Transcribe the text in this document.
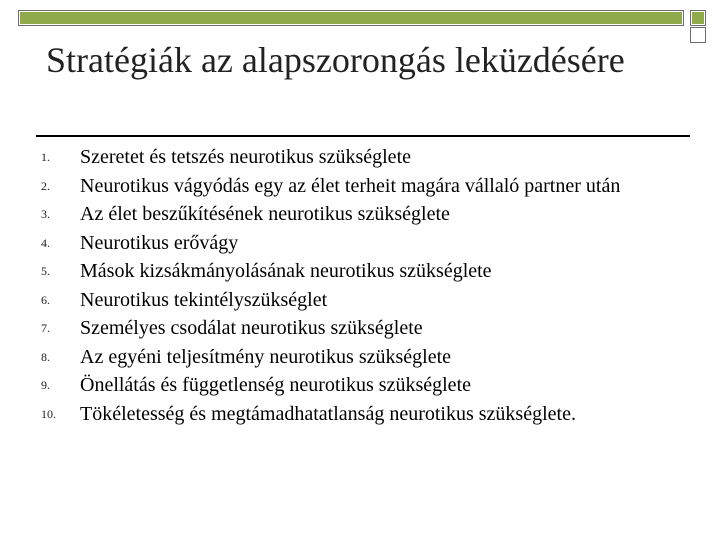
Stratégiák az alapszorongás leküzdésére
1. Szeretet és tetszés neurotikus szükséglete
2. Neurotikus vágyódás egy az élet terheit magára vállaló partner után
3. Az élet beszűkítésének neurotikus szükséglete
4. Neurotikus erővágy
5. Mások kizsákmányolásának neurotikus szükséglete
6. Neurotikus tekintélyszükséglet
7. Személyes csodálat neurotikus szükséglete
8. Az egyéni teljesítmény neurotikus szükséglete
9. Önellátás és függetlenség neurotikus szükséglete
10. Tökéletesség és megtámadhatatlanság neurotikus szükséglete.
